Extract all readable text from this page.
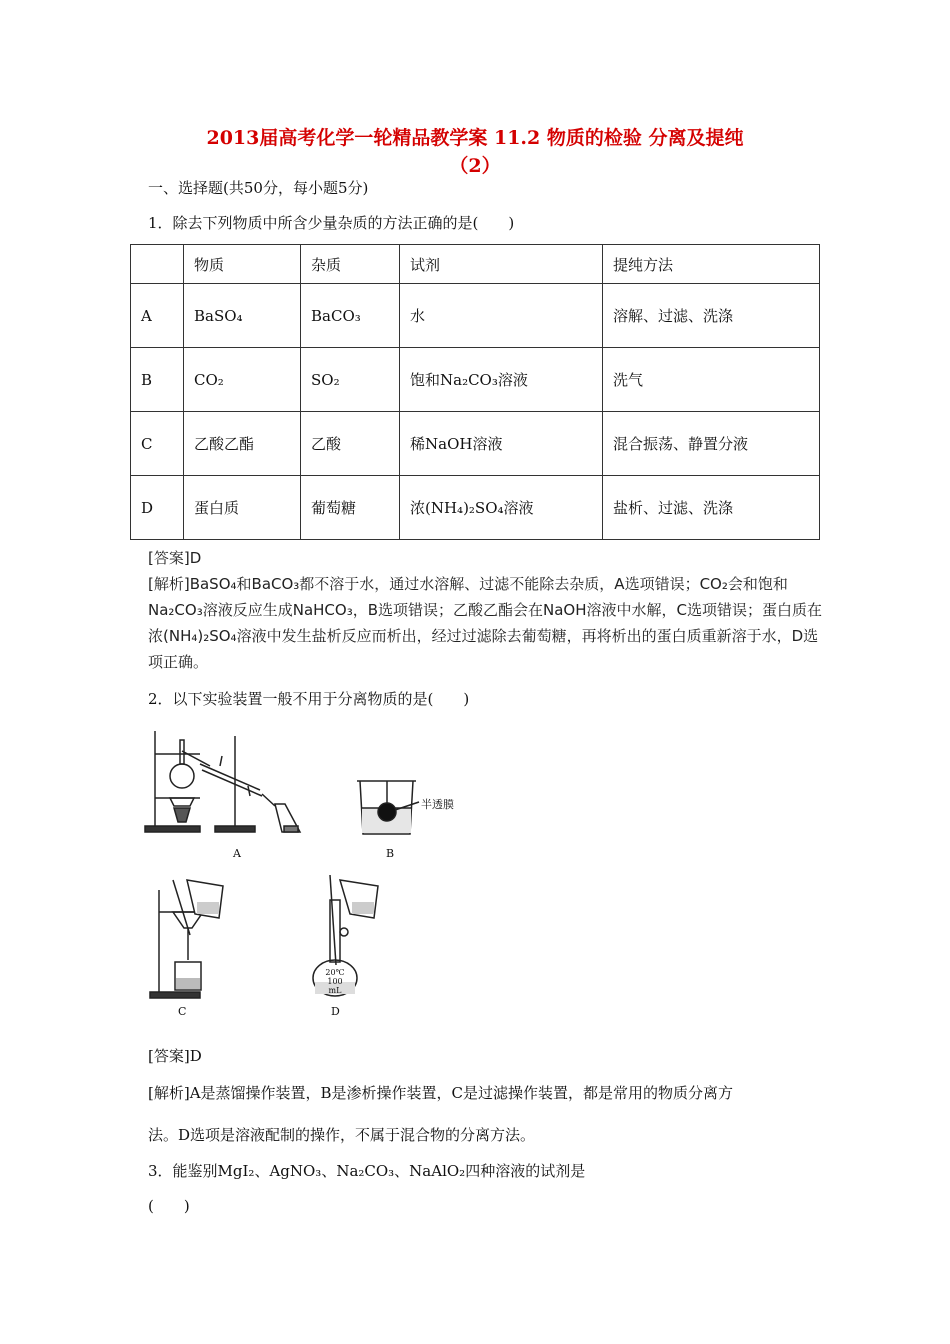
2013届高考化学一轮精品教学案 11.2 物质的检验 分离及提纯
（2）
一、选择题(共50分，每小题5分)
1．除去下列物质中所含少量杂质的方法正确的是(　　)
	物质	杂质	试剂	提纯方法
A	BaSO₄	BaCO₃	水	溶解、过滤、洗涤
B	CO₂	SO₂	饱和Na₂CO₃溶液	洗气
C	乙酸乙酯	乙酸	稀NaOH溶液	混合振荡、静置分液
D	蛋白质	葡萄糖	浓(NH₄)₂SO₄溶液	盐析、过滤、洗涤
[答案]D
[解析]BaSO₄和BaCO₃都不溶于水，通过水溶解、过滤不能除去杂质，A选项错误；CO₂会和饱和Na₂CO₃溶液反应生成NaHCO₃，B选项错误；乙酸乙酯会在NaOH溶液中水解，C选项错误；蛋白质在浓(NH₄)₂SO₄溶液中发生盐析反应而析出，经过过滤除去葡萄糖，再将析出的蛋白质重新溶于水，D选项正确。
2．以下实验装置一般不用于分离物质的是(　　)
A
半透膜
B
C
20℃
100 mL
D
[答案]D
[解析]A是蒸馏操作装置，B是渗析操作装置，C是过滤操作装置，都是常用的物质分离方
法。D选项是溶液配制的操作，不属于混合物的分离方法。
3．能鉴别MgI₂、AgNO₃、Na₂CO₃、NaAlO₂四种溶液的试剂是
(　　)
